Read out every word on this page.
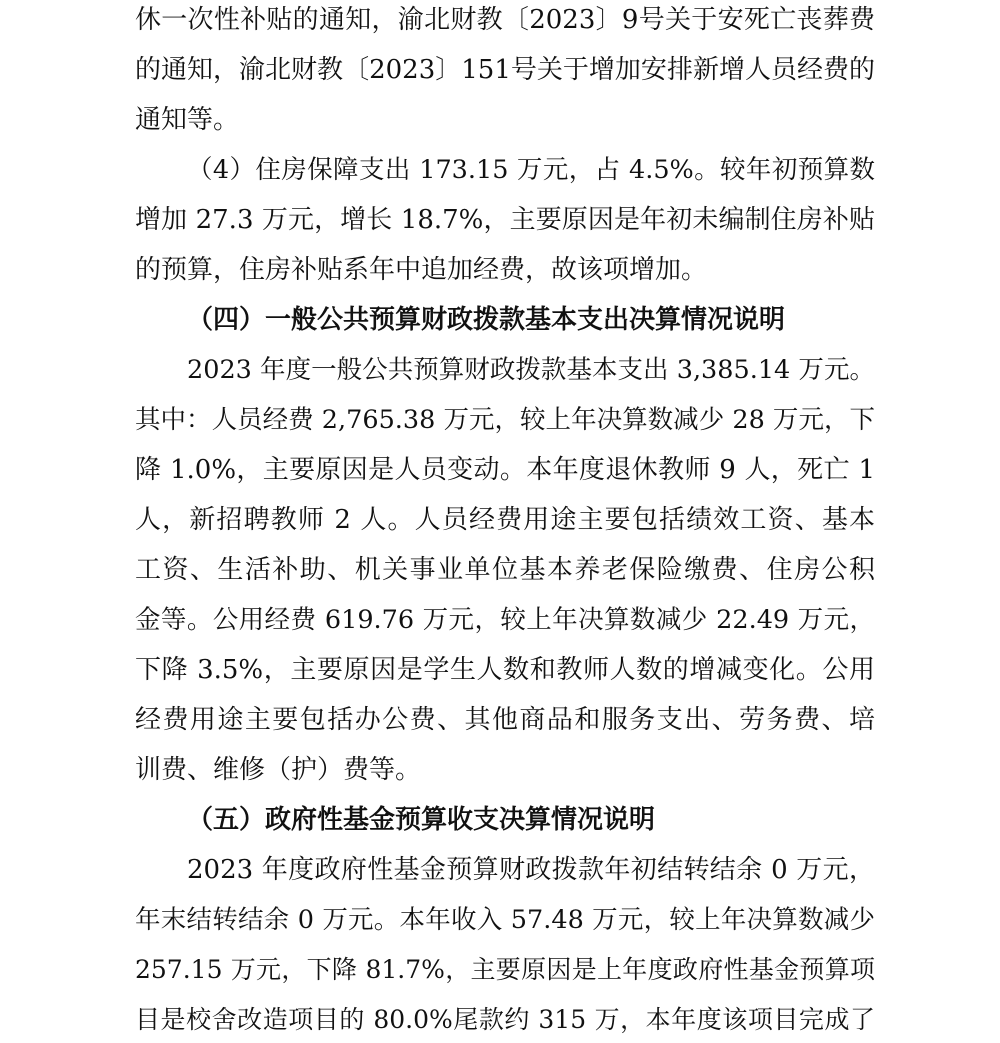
休一次性补贴的通知，渝北财教〔2023〕9号关于安死亡丧葬费
的通知，渝北财教〔2023〕151号关于增加安排新增人员经费的
通知等。
（4）住房保障支出 173.15 万元，占 4.5%。较年初预算数
增加 27.3 万元，增长 18.7%，主要原因是年初未编制住房补贴
的预算，住房补贴系年中追加经费，故该项增加。
（四）一般公共预算财政拨款基本支出决算情况说明
2023 年度一般公共预算财政拨款基本支出 3,385.14 万元。
其中：人员经费 2,765.38 万元，较上年决算数减少 28 万元，下
降 1.0%，主要原因是人员变动。本年度退休教师 9 人，死亡 1
人，新招聘教师 2 人。人员经费用途主要包括绩效工资、基本
工资、生活补助、机关事业单位基本养老保险缴费、住房公积
金等。公用经费 619.76 万元，较上年决算数减少 22.49 万元，
下降 3.5%，主要原因是学生人数和教师人数的增减变化。公用
经费用途主要包括办公费、其他商品和服务支出、劳务费、培
训费、维修（护）费等。
（五）政府性基金预算收支决算情况说明
2023 年度政府性基金预算财政拨款年初结转结余 0 万元，
年末结转结余 0 万元。本年收入 57.48 万元，较上年决算数减少
257.15 万元，下降 81.7%，主要原因是上年度政府性基金预算项
目是校舍改造项目的 80.0%尾款约 315 万，本年度该项目完成了
